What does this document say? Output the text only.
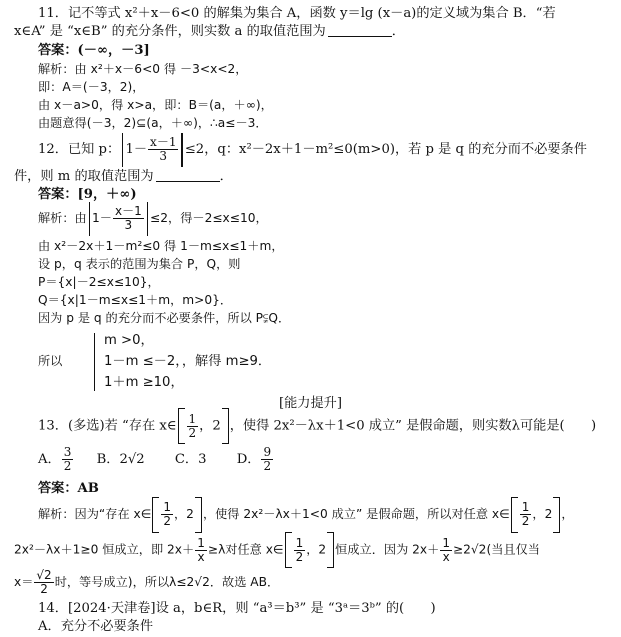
11．记不等式 x²＋x－6<0 的解集为集合 A，函数 y＝lg (x－a)的定义域为集合 B．“若
x∈A” 是 “x∈B” 的充分条件，则实数 a 的取值范围为	．
答案：(－∞，－3]
解析：由 x²＋x－6<0 得 －3<x<2，
即：A＝(－3，2)，
由 x－a>0，得 x>a，即：B＝(a，＋∞)，
由题意得(－3，2)⊆(a，＋∞)，∴a≤－3．
12．已知 p： $1- \frac{x-1}{3} \le 2$，q：x²－2x＋1－m²≤0(m>0)，若 p 是 q 的充分而不必要条件
件，则 m 的取值范围为	．
答案：[9，＋∞)
解析：由 $1- \frac{x-1}{3} \le 2$，得－2≤x≤10，
由 x²－2x＋1－m²≤0 得 1－m≤x≤1＋m，
设 p，q 表示的范围为集合 P，Q，则
P＝{x|－2≤x≤10}，
Q＝{x|1－m≤x≤1＋m，m>0}．
因为 p 是 q 的充分而不必要条件，所以 P⫋Q．
所以
m >0，
1－m ≤－2，，解得 m≥9．
1＋m ≥10，
[能力提升]
13．(多选)若 “存在 x∈ $\frac{1}{2}$ ，2 ，使得 2x²－λx＋1<0 成立” 是假命题，则实数λ可能是(　　)
A． $\frac{3}{2}$ B．2√2 C．3 D． $\frac{9}{2}$
答案：AB
解析：因为“存在 x∈ $\frac{1}{2}$ ，2 ，使得 2x²－λx＋1<0 成立” 是假命题，所以对任意 x∈ $\frac{1}{2}$ ，2 ，
2x²－λx＋1≥0 恒成立，即 $2x+ \frac{1}{x} \ge\lambda$对任意 x∈ $\frac{1}{2}$ ，2 恒成立．因为 $2x+ \frac{1}{x} \ge 2√2$(当且仅当
$x= \frac{√2}{2}$ 时，等号成立)，所以λ≤2√2．故选 AB．
14．[2024·天津卷]设 a，b∈R，则 “a³＝b³” 是 “3ᵃ＝3ᵇ” 的(　　)
A．充分不必要条件
